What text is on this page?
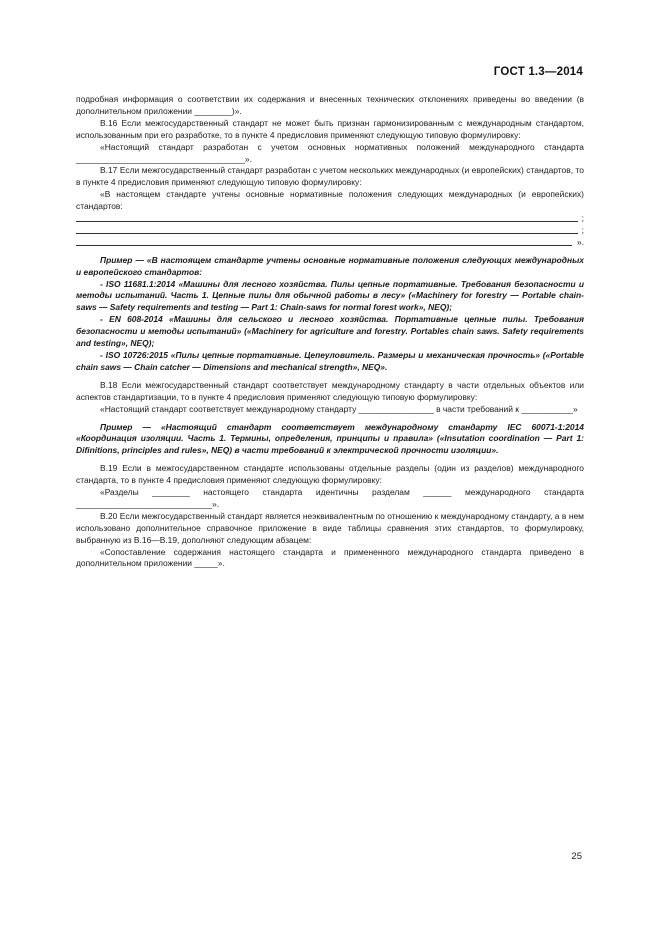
ГОСТ 1.3—2014

подробная информация о соответствии их содержания и внесенных технических отклонениях приведены во введении (в дополнительном приложении ________)».

В.16 Если межгосударственный стандарт не может быть признан гармонизированным с международным стандартом, использованным при его разработке, то в пункте 4 предисловия применяют следующую типовую формулировку:

«Настоящий стандарт разработан с учетом основных нормативных положений международного стандарта ____________________________________».

В.17 Если межгосударственный стандарт разработан с учетом нескольких международных (и европейских) стандартов, то в пункте 4 предисловия применяют следующую типовую формулировку:

«В настоящем стандарте учтены основные нормативные положения следующих международных (и европейских) стандартов:

;
;
».

Пример — «В настоящем стандарте учтены основные нормативные положения следующих международных и европейского стандартов:

- ISO 11681.1:2014 «Машины для лесного хозяйства. Пилы цепные портативные. Требования безопасности и методы испытаний. Часть 1. Цепные пилы для обычной работы в лесу» («Machinery for forestry — Portable chain-saws — Safety requirements and testing — Part 1: Chain-saws for normal forest work», NEQ);

- EN 608-2014 «Машины для сельского и лесного хозяйства. Портативные цепные пилы. Требования безопасности и методы испытаний» («Machinery for agriculture and forestry. Portables chain saws. Safety requirements and testing», NEQ);

- ISO 10726:2015 «Пилы цепные портативные. Цепеуловитель. Размеры и механическая прочность» («Portable chain saws — Chain catcher — Dimensions and mechanical strength», NEQ».

В.18 Если межгосударственный стандарт соответствует международному стандарту в части отдельных объектов или аспектов стандартизации, то в пункте 4 предисловия применяют следующую типовую формулировку:

«Настоящий стандарт соответствует международному стандарту ________________ в части требований к ___________»

Пример — «Настоящий стандарт соответствует международному стандарту IEC 60071-1:2014 «Координация изоляции. Часть 1. Термины, определения, принципы и правила» («Insutation coordination — Part 1: Difinitions, principles and rules», NEQ) в части требований к электрической прочности изоляции».

В.19 Если в межгосударственном стандарте использованы отдельные разделы (один из разделов) международного стандарта, то в пункте 4 предисловия применяют следующую формулировку:

«Разделы ________ настоящего стандарта идентичны разделам ______ международного стандарта _____________________________».

В.20 Если межгосударственный стандарт является неэквивалентным по отношению к международному стандарту, а в нем использовано дополнительное справочное приложение в виде таблицы сравнения этих стандартов, то формулировку, выбранную из В.16—В.19, дополняют следующим абзацем:

«Сопоставление содержания настоящего стандарта и примененного международного стандарта приведено в дополнительном приложении _____».

25
